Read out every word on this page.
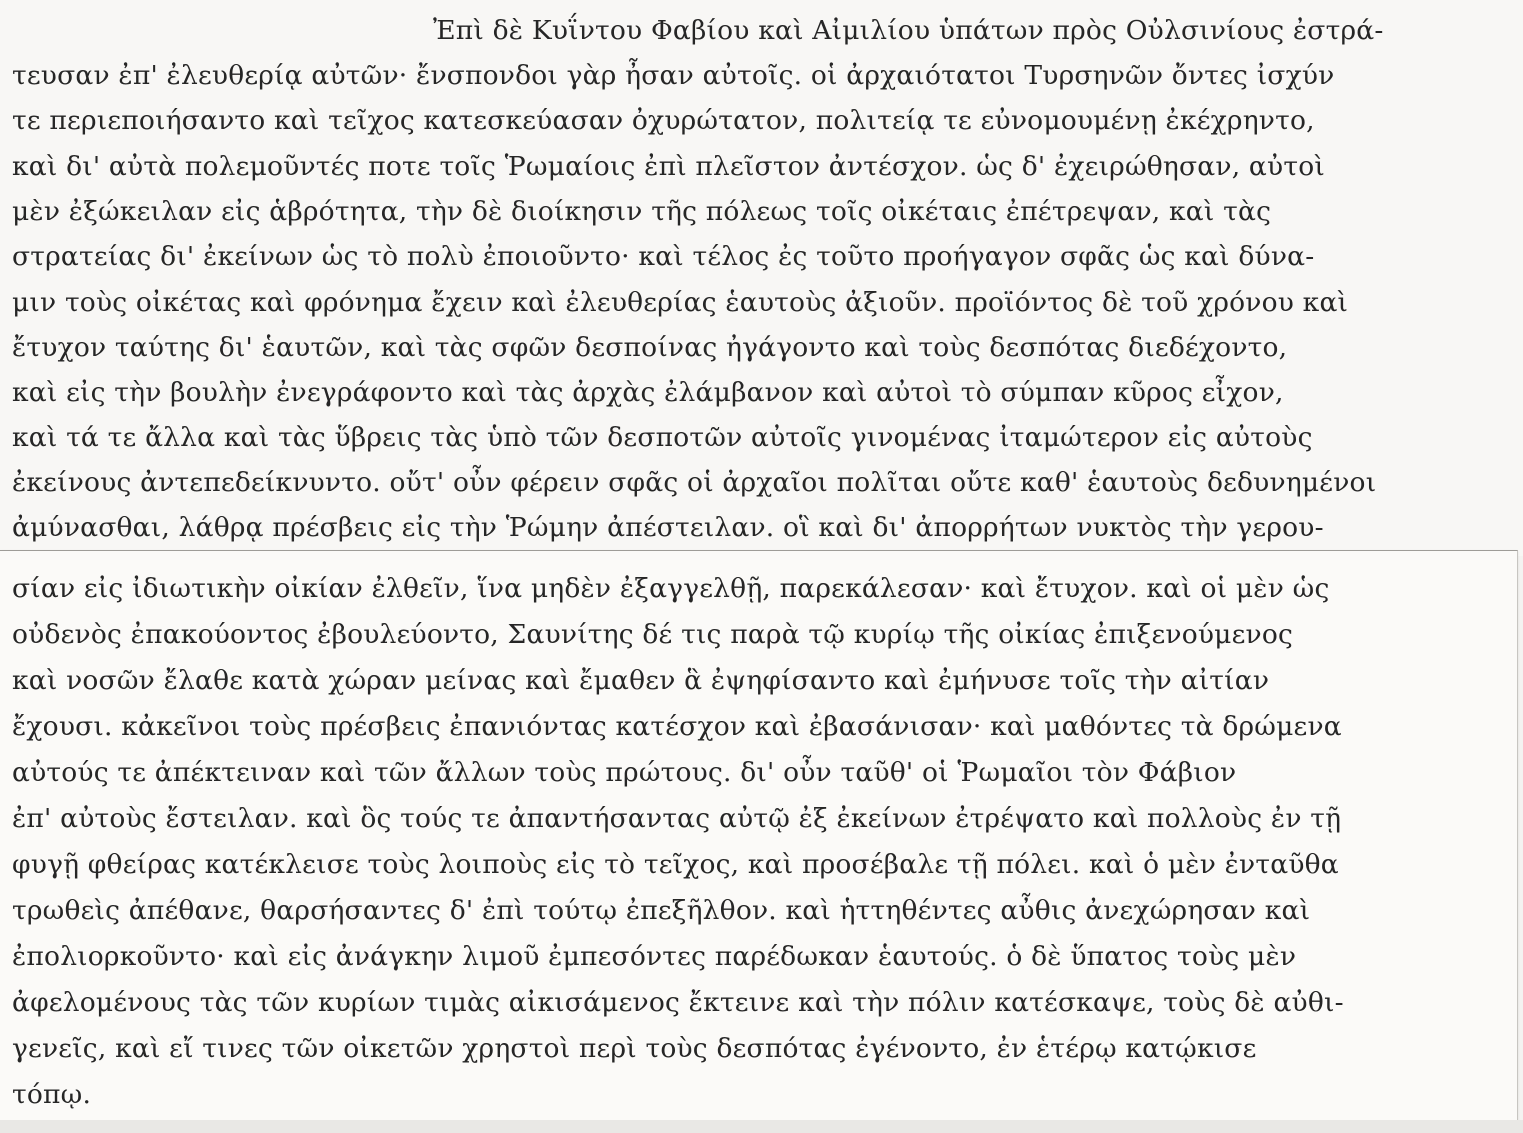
Ἐπὶ δὲ Κυΐντου Φαβίου καὶ Αἰμιλίου ὑπάτων πρὸς Οὐλσινίους ἐστρά-
τευσαν ἐπ' ἐλευθερίᾳ αὐτῶν· ἔνσπονδοι γὰρ ἦσαν αὐτοῖς. οἱ ἀρχαιότατοι Τυρσηνῶν ὄντες ἰσχύν
τε περιεποιήσαντο καὶ τεῖχος κατεσκεύασαν ὀχυρώτατον, πολιτείᾳ τε εὐνομουμένῃ ἐκέχρηντο,
καὶ δι' αὐτὰ πολεμοῦντές ποτε τοῖς Ῥωμαίοις ἐπὶ πλεῖστον ἀντέσχον. ὡς δ' ἐχειρώθησαν, αὐτοὶ
μὲν ἐξώκειλαν εἰς ἁβρότητα, τὴν δὲ διοίκησιν τῆς πόλεως τοῖς οἰκέταις ἐπέτρεψαν, καὶ τὰς
στρατείας δι' ἐκείνων ὡς τὸ πολὺ ἐποιοῦντο· καὶ τέλος ἐς τοῦτο προήγαγον σφᾶς ὡς καὶ δύνα-
μιν τοὺς οἰκέτας καὶ φρόνημα ἔχειν καὶ ἐλευθερίας ἑαυτοὺς ἀξιοῦν. προϊόντος δὲ τοῦ χρόνου καὶ
ἔτυχον ταύτης δι' ἑαυτῶν, καὶ τὰς σφῶν δεσποίνας ἠγάγοντο καὶ τοὺς δεσπότας διεδέχοντο,
καὶ εἰς τὴν βουλὴν ἐνεγράφοντο καὶ τὰς ἀρχὰς ἐλάμβανον καὶ αὐτοὶ τὸ σύμπαν κῦρος εἶχον,
καὶ τά τε ἄλλα καὶ τὰς ὕβρεις τὰς ὑπὸ τῶν δεσποτῶν αὐτοῖς γινομένας ἰταμώτερον εἰς αὐτοὺς
ἐκείνους ἀντεπεδείκνυντο. οὔτ' οὖν φέρειν σφᾶς οἱ ἀρχαῖοι πολῖται οὔτε καθ' ἑαυτοὺς δεδυνημένοι
ἀμύνασθαι, λάθρᾳ πρέσβεις εἰς τὴν Ῥώμην ἀπέστειλαν. οἳ καὶ δι' ἀπορρήτων νυκτὸς τὴν γερου-
σίαν εἰς ἰδιωτικὴν οἰκίαν ἐλθεῖν, ἵνα μηδὲν ἐξαγγελθῇ, παρεκάλεσαν· καὶ ἔτυχον. καὶ οἱ μὲν ὡς
οὐδενὸς ἐπακούοντος ἐβουλεύοντο, Σαυνίτης δέ τις παρὰ τῷ κυρίῳ τῆς οἰκίας ἐπιξενούμενος
καὶ νοσῶν ἔλαθε κατὰ χώραν μείνας καὶ ἔμαθεν ἃ ἐψηφίσαντο καὶ ἐμήνυσε τοῖς τὴν αἰτίαν
ἔχουσι. κἀκεῖνοι τοὺς πρέσβεις ἐπανιόντας κατέσχον καὶ ἐβασάνισαν· καὶ μαθόντες τὰ δρώμενα
αὐτούς τε ἀπέκτειναν καὶ τῶν ἄλλων τοὺς πρώτους. δι' οὖν ταῦθ' οἱ Ῥωμαῖοι τὸν Φάβιον
ἐπ' αὐτοὺς ἔστειλαν. καὶ ὃς τούς τε ἀπαντήσαντας αὐτῷ ἐξ ἐκείνων ἐτρέψατο καὶ πολλοὺς ἐν τῇ
φυγῇ φθείρας κατέκλεισε τοὺς λοιποὺς εἰς τὸ τεῖχος, καὶ προσέβαλε τῇ πόλει. καὶ ὁ μὲν ἐνταῦθα
τρωθεὶς ἀπέθανε, θαρσήσαντες δ' ἐπὶ τούτῳ ἐπεξῆλθον. καὶ ἡττηθέντες αὖθις ἀνεχώρησαν καὶ
ἐπολιορκοῦντο· καὶ εἰς ἀνάγκην λιμοῦ ἐμπεσόντες παρέδωκαν ἑαυτούς. ὁ δὲ ὕπατος τοὺς μὲν
ἀφελομένους τὰς τῶν κυρίων τιμὰς αἰκισάμενος ἔκτεινε καὶ τὴν πόλιν κατέσκαψε, τοὺς δὲ αὐθι-
γενεῖς, καὶ εἴ τινες τῶν οἰκετῶν χρηστοὶ περὶ τοὺς δεσπότας ἐγένοντο, ἐν ἑτέρῳ κατῴκισε
τόπῳ.
